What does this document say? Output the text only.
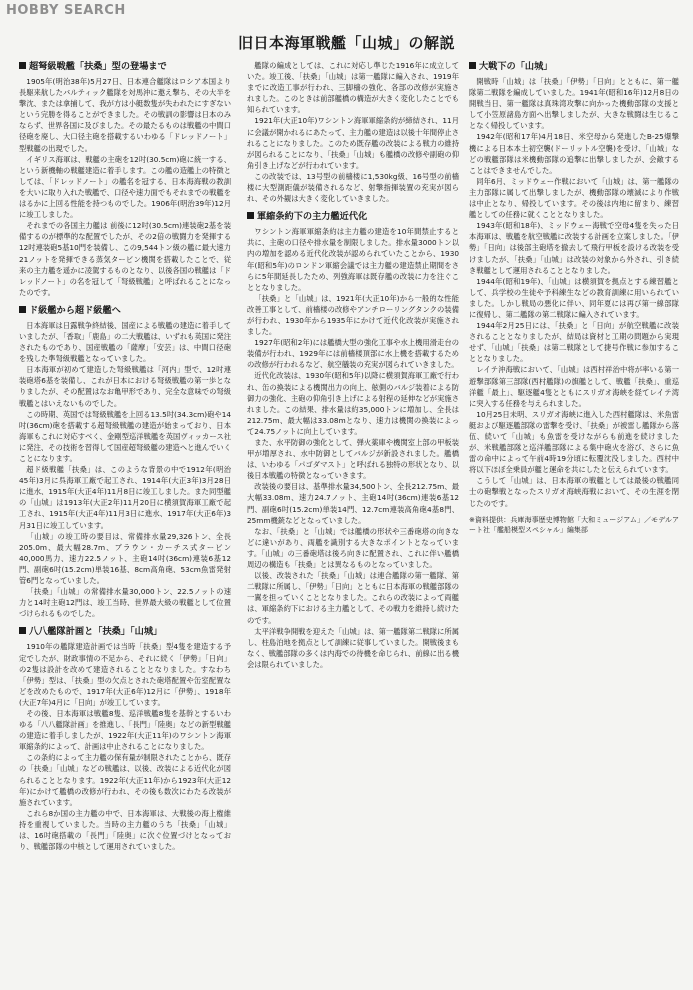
HOBBY SEARCH
旧日本海軍戦艦「山城」の解説
超弩級戦艦「扶桑」型の登場まで

1905年(明治38年)5月27日、日本連合艦隊はロシア本国より長駆来航したバルティック艦隊を対馬沖に邀え撃ち、その大半を撃沈、または拿捕して、我が方は小艇数隻が失われたにすぎないという完勝を得ることができました。その戦訓の影響は日本のみならず、世界各国に及びました。その最たるものは戦艦の中間口径砲を廃し、大口径主砲を搭載するいわゆる「ドレッドノート」型戦艦の出現でした。

イギリス海軍は、戦艦の主砲を12吋(30.5cm)砲に統一する、という新機軸の戦艦建造に着手します。この艦の造艦上の特徴としては、「ドレッドノート」の艦名を冠する、日本海海戦の教訓を大いに取り入れた戦艦で、口径や速力面でもそれまでの戦艦をはるかに上回る性能を持つものでした。1906年(明治39年)12月に竣工しました。

それまでの各国主力艦は 前後に12吋(30.5cm)連装砲2基を装備するのが標準的な配置でしたが、その2倍の戦闘力を発揮する12吋連装砲5基10門を装備し、この9,544トン級の艦に最大速力21ノットを発揮できる蒸気タービン機関を搭載したことで、従来の主力艦を遥かに凌駕するものとなり、以後各国の戦艦は「ドレッドノート」の名を冠して「弩級戦艦」と呼ばれることになったのです。

ド級艦から超ド級艦へ

日本海軍は日露戦争終結後、国産による戦艦の建造に着手していましたが、「香取」「鹿島」の二大戦艦は、いずれも英国に発注されたものであり、国産戦艦の「薩摩」「安芸」は、中間口径砲を残した準弩級戦艦となっていました。

日本海軍が初めて建造した弩級戦艦は「河内」型で、12吋連装砲塔6基を装備し、これが日本における弩級戦艦の第一歩となりましたが、その配置はなお亀甲形であり、完全な意味での弩級戦艦とはいえないものでした。

この時期、英国では弩級戦艦を上回る13.5吋(34.3cm)砲や14吋(36cm)砲を搭載する超弩級戦艦の建造が始まっており、日本海軍もこれに対応すべく、金剛型巡洋戦艦を英国ヴィッカース社に発注、その技術を習得して国産超弩級艦の建造へと進んでいくことになります。

超ド級戦艦「扶桑」は、このような背景の中で1912年(明治45年)3月に呉海軍工廠で起工され、1914年(大正3年)3月28日に進水、1915年(大正4年)11月8日に竣工しました。また同型艦の「山城」は1913年(大正2年)11月20日に横須賀海軍工廠で起工され、1915年(大正4年)11月3日に進水、1917年(大正6年)3月31日に竣工しています。

「山城」の竣工時の要目は、常備排水量29,326トン、全長205.0m、最大幅28.7m、ブラウン・カーチス式タービン40,000馬力、速力22.5ノット、主砲14吋(36cm)連装6基12門、副砲6吋(15.2cm)単装16基、8cm高角砲、53cm魚雷発射管6門となっていました。

「扶桑」「山城」の常備排水量30,000トン、22.5ノットの速力と14吋主砲12門は、竣工当時、世界最大級の戦艦として位置づけられるものでした。

八八艦隊計画と「扶桑」「山城」

1910年の艦隊建造計画では当時「扶桑」型4隻を建造する予定でしたが、財政事情の不足から、それに続く「伊勢」「日向」の2隻は設計を改めて建造されることとなりました。すなわち「伊勢」型は、「扶桑」型の欠点とされた砲塔配置や缶室配置などを改めたもので、1917年(大正6年)12月に「伊勢」、1918年(大正7年)4月に「日向」が竣工しています。

その後、日本海軍は戦艦8隻、巡洋戦艦8隻を基幹とするいわゆる「八八艦隊計画」を推進し、「長門」「陸奥」などの新型戦艦の建造に着手しましたが、1922年(大正11年)のワシントン海軍軍縮条約によって、計画は中止されることになりました。

この条約によって主力艦の保有量が制限されたことから、既存の「扶桑」「山城」などの戦艦は、以後、改装による近代化が図られることとなります。1922年(大正11年)から1923年(大正12年)にかけて艦橋の改修が行われ、その後も数次にわたる改装が施されています。

これら8か国の主力艦の中で、日本海軍は、大戦後の海上権維持を重視していました。当時の主力艦のうち「扶桑」「山城」は、16吋砲搭載の「長門」「陸奥」に次ぐ位置づけとなっており、戦艦部隊の中核として運用されていました。

艦隊の編成としては、これに対応し準じた1916年に成立していた。竣工後、「扶桑」「山城」は第一艦隊に編入され、1919年までに改造工事が行われ、三脚檣の強化、各部の改修が実施されました。このときは前部艦橋の構造が大きく変化したことでも知られています。

1921年(大正10年)ワシントン海軍軍縮条約が締結され、11月に会議が開かれるにあたって、主力艦の建造は以後十年間停止されることになりました。このため既存艦の改装による戦力の維持が図られることになり、「扶桑」「山城」も艦橋の改修や副砲の仰角引き上げなどが行われています。

この改装では、13号型の前檣楼に1,530kg級、16号型の前檣楼に大型測距儀が装備されるなど、射撃指揮装置の充実が図られ、その外観は大きく変化していきました。

軍縮条約下の主力艦近代化

ワシントン海軍軍縮条約は主力艦の建造を10年間禁止すると共に、主砲の口径や排水量を制限しました。排水量3000トン以内の増加を認める近代化改装が認められていたことから、1930年(昭和5年)のロンドン軍縮会議では主力艦の建造禁止期間をさらに5年間延長したため、列強海軍は既存艦の改装に力を注ぐこととなりました。

「扶桑」と「山城」は、1921年(大正10年)から一般的な性能改善工事として、前檣楼の改修やアンチローリングタンクの装備が行われ、1930年から1935年にかけて近代化改装が実施されました。

1927年(昭和2年)には艦橋大型の強化工事や水上機用滑走台の装備が行われ、1929年には前檣楼頂部に水上機を搭載するための改修が行われるなど、航空艤装の充実が図られていきました。

近代化改装は、1930年(昭和5年)以降に横須賀海軍工廠で行われ、缶の換装による機関出力の向上、舷側のバルジ装着による防御力の強化、主砲の仰角引き上げによる射程の延伸などが実施されました。この結果、排水量は約35,000トンに増加し、全長は212.75m、最大幅は33.08mとなり、速力は機関の換装によって24.75ノットに向上しています。

また、水平防御の強化として、弾火薬庫や機関室上部の甲板装甲が増厚され、水中防御としてバルジが新設されました。艦橋は、いわゆる「パゴダマスト」と呼ばれる独特の形状となり、以後日本戦艦の特徴となっていきます。

改装後の要目は、基準排水量34,500トン、全長212.75m、最大幅33.08m、速力24.7ノット、主砲14吋(36cm)連装6基12門、副砲6吋(15.2cm)単装14門、12.7cm連装高角砲4基8門、25mm機銃などとなっていました。

なお、「扶桑」と「山城」では艦橋の形状や三番砲塔の向きなどに違いがあり、両艦を識別する大きなポイントとなっています。「山城」の三番砲塔は後ろ向きに配置され、これに伴い艦橋周辺の構造も「扶桑」とは異なるものとなっていました。

以後、改装された「扶桑」「山城」は連合艦隊の第一艦隊、第二戦隊に所属し、「伊勢」「日向」とともに日本海軍の戦艦部隊の一翼を担っていくこととなりました。これらの改装によって両艦は、軍縮条約下における主力艦として、その戦力を維持し続けたのです。

太平洋戦争開戦を迎えた「山城」は、第一艦隊第二戦隊に所属し、柱島泊地を拠点として訓練に従事していました。開戦後まもなく、戦艦部隊の多くは内海での待機を命じられ、前線に出る機会は限られていました。

大戦下の「山城」

開戦時「山城」は「扶桑」「伊勢」「日向」とともに、第一艦隊第二戦隊を編成していました。1941年(昭和16年)12月8日の開戦当日、第一艦隊は真珠湾攻撃に向かった機動部隊の支援として小笠原諸島方面へ出撃しましたが、大きな戦闘は生じることなく帰投しています。

1942年(昭和17年)4月18日、米空母から発進したB-25爆撃機による日本本土初空襲(ドーリットル空襲)を受け、「山城」などの戦艦部隊は米機動部隊の追撃に出撃しましたが、会敵することはできませんでした。

同年6月、ミッドウェー作戦において「山城」は、第一艦隊の主力部隊に属して出撃しましたが、機動部隊の壊滅により作戦は中止となり、帰投しています。その後は内地に留まり、練習艦としての任務に就くこととなりました。

1943年(昭和18年)、ミッドウェー海戦で空母4隻を失った日本海軍は、戦艦を航空戦艦に改装する計画を立案しました。「伊勢」「日向」は後部主砲塔を撤去して飛行甲板を設ける改装を受けましたが、「扶桑」「山城」は改装の対象から外され、引き続き戦艦として運用されることとなりました。

1944年(昭和19年)、「山城」は横須賀を拠点とする練習艦として、兵学校の生徒や予科練生などの教育訓練に用いられていました。しかし戦局の悪化に伴い、同年夏には再び第一線部隊に復帰し、第二艦隊の第二戦隊に編入されています。

1944年2月25日には、「扶桑」と「日向」が航空戦艦に改装されることとなりましたが、結局は資材と工期の問題から実現せず、「山城」「扶桑」は第二戦隊として捷号作戦に参加することとなりました。

レイテ沖海戦において、「山城」は西村祥治中将が率いる第一遊撃部隊第三部隊(西村艦隊)の旗艦として、戦艦「扶桑」、重巡洋艦「最上」、駆逐艦4隻とともにスリガオ海峡を経てレイテ湾に突入する任務を与えられました。

10月25日未明、スリガオ海峡に進入した西村艦隊は、米魚雷艇および駆逐艦部隊の雷撃を受け、「扶桑」が被雷し艦隊から落伍、続いて「山城」も魚雷を受けながらも前進を続けましたが、米戦艦部隊と巡洋艦部隊による集中砲火を浴び、さらに魚雷の命中によって午前4時19分頃に転覆沈没しました。西村中将以下ほぼ全乗員が艦と運命を共にしたと伝えられています。

こうして「山城」は、日本海軍の戦艦としては最後の戦艦同士の砲撃戦となったスリガオ海峡海戦において、その生涯を閉じたのです。

※資料提供：兵庫海事歴史博物館「大和ミュージアム」／モデルアート社「艦船模型スペシャル」編集部
